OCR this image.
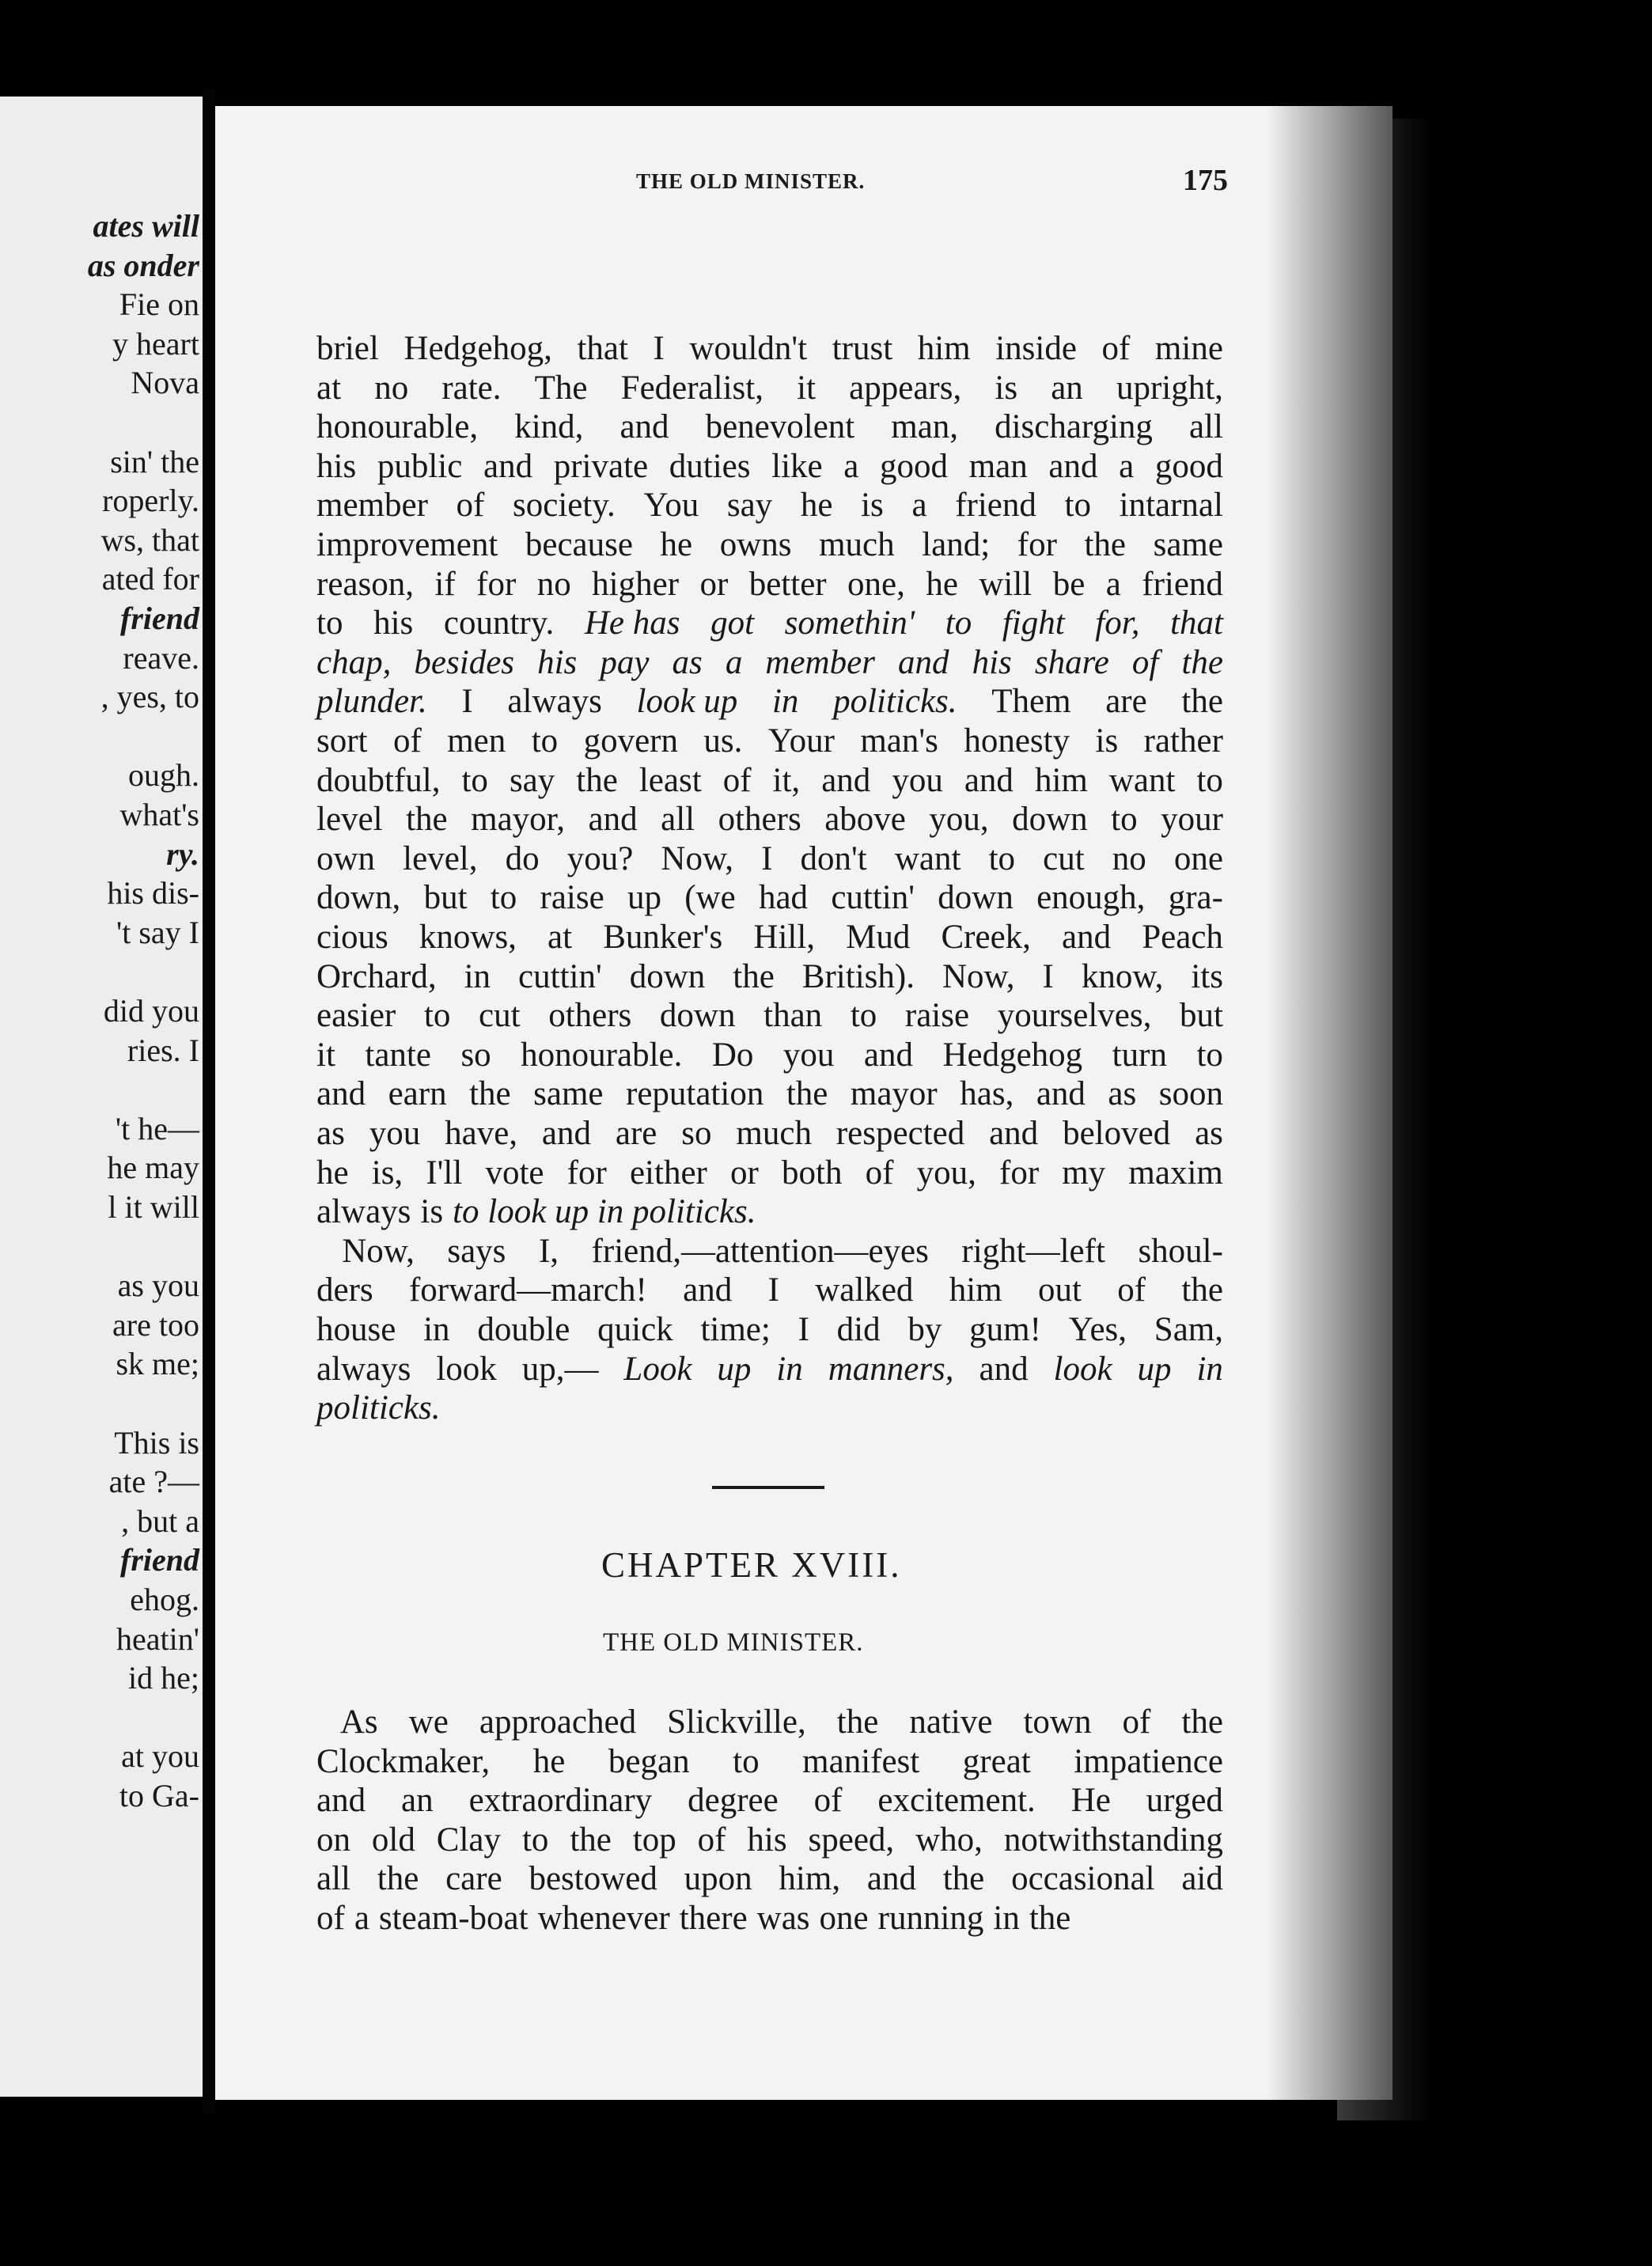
ates will
as onder
Fie on
y heart
Nova
sin' the
roperly.
ws, that
ated for
friend
reave.
, yes, to
ough.
what's
ry.
his dis-
't say I
did you
ries. I
't he—
he may
l it will
as you
are too
sk me;
This is
ate ?—
, but a
friend
ehog.
heatin'
id he;
at you
to Ga-
THE OLD MINISTER.	175
briel Hedgehog, that I wouldn't trust him inside of mine
at no rate. The Federalist, it appears, is an upright,
honourable, kind, and benevolent man, discharging all
his public and private duties like a good man and a good
member of society. You say he is a friend to intarnal
improvement because he owns much land; for the same
reason, if for no higher or better one, he will be a friend
to his country. He has got somethin' to fight for, that
chap, besides his pay as a member and his share of the
plunder. I always look up in politicks. Them are the
sort of men to govern us. Your man's honesty is rather
doubtful, to say the least of it, and you and him want to
level the mayor, and all others above you, down to your
own level, do you? Now, I don't want to cut no one
down, but to raise up (we had cuttin' down enough, gra-
cious knows, at Bunker's Hill, Mud Creek, and Peach
Orchard, in cuttin' down the British). Now, I know, its
easier to cut others down than to raise yourselves, but
it tante so honourable. Do you and Hedgehog turn to
and earn the same reputation the mayor has, and as soon
as you have, and are so much respected and beloved as
he is, I'll vote for either or both of you, for my maxim
always is to look up in politicks.
Now, says I, friend,—attention—eyes right—left shoul-
ders forward—march! and I walked him out of the
house in double quick time; I did by gum! Yes, Sam,
always look up,— Look up in manners, and look up in
politicks.
CHAPTER XVIII.
THE OLD MINISTER.
As we approached Slickville, the native town of the
Clockmaker, he began to manifest great impatience
and an extraordinary degree of excitement. He urged
on old Clay to the top of his speed, who, notwithstanding
all the care bestowed upon him, and the occasional aid
of a steam-boat whenever there was one running in the
